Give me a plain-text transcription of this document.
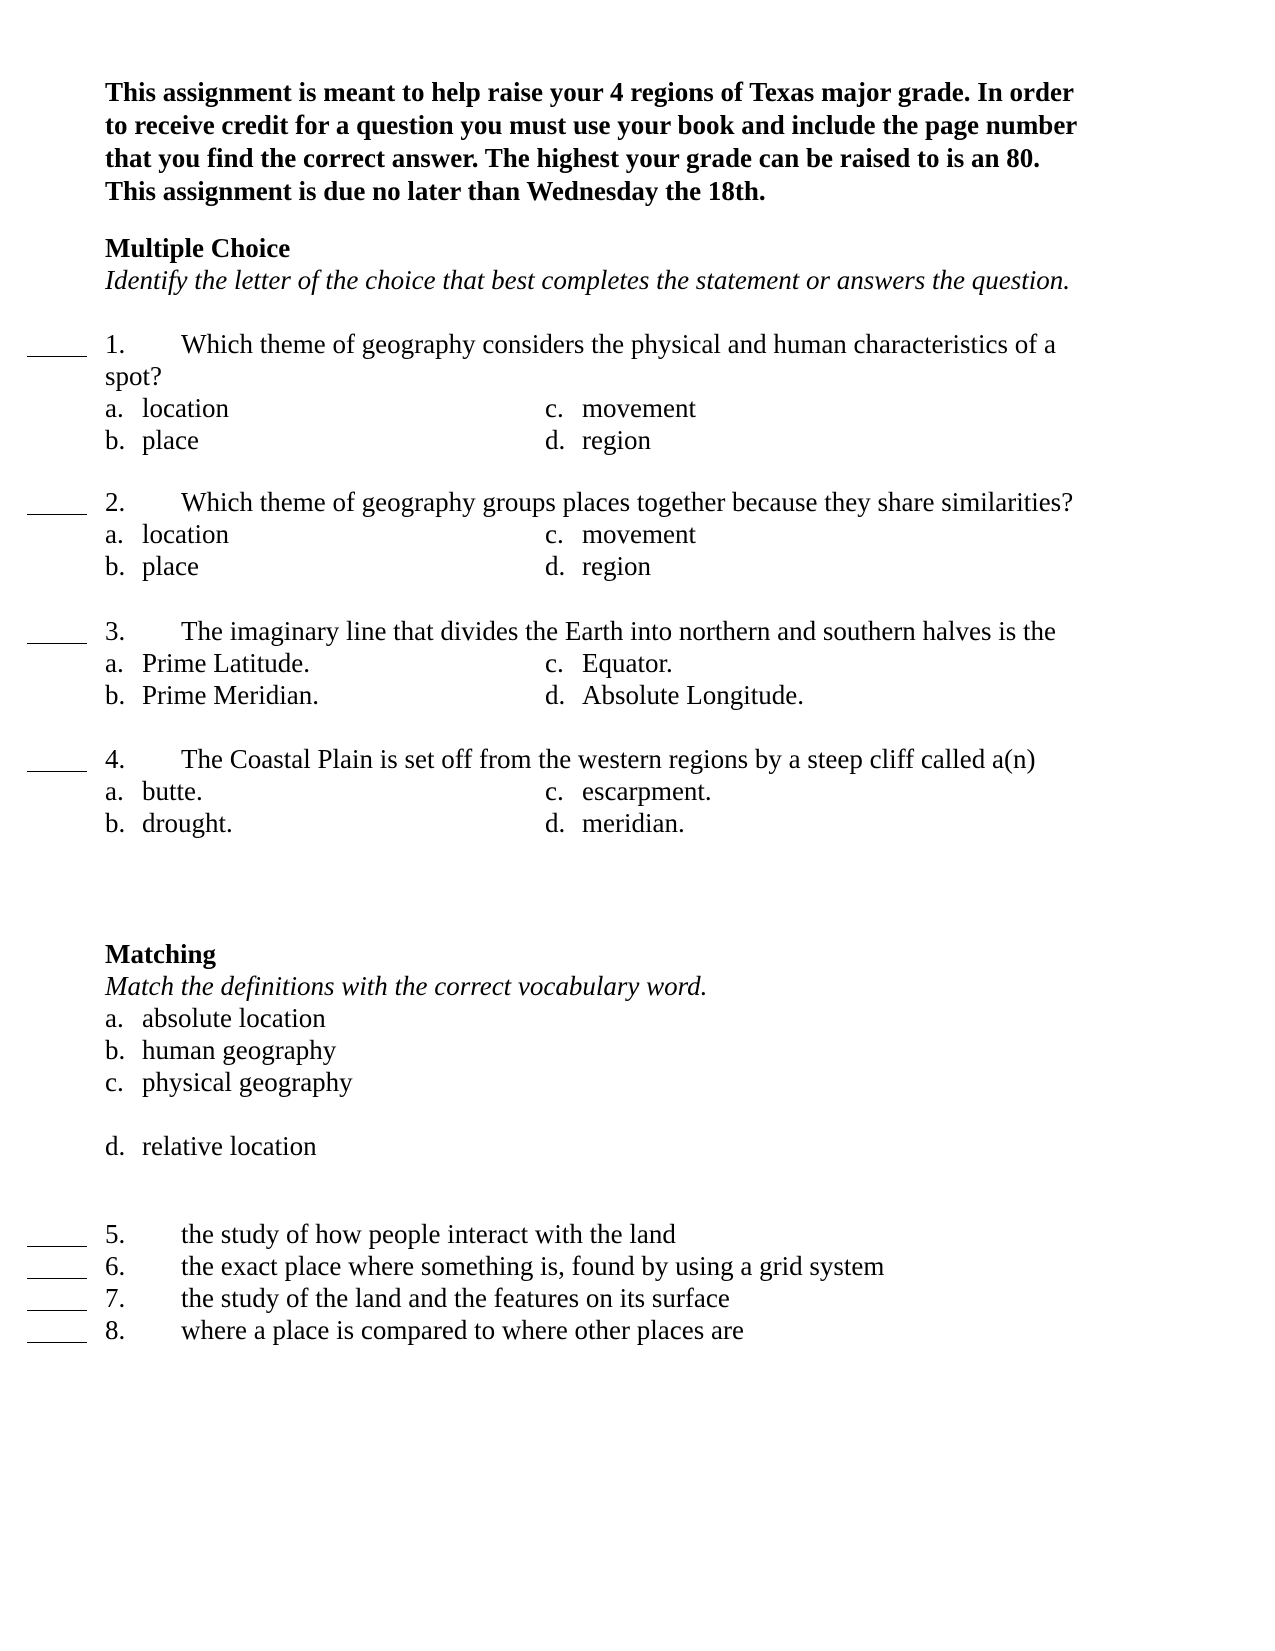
This assignment is meant to help raise your 4 regions of Texas major grade. In order

to receive credit for a question you must use your book and include the page number

that you find the correct answer. The highest your grade can be raised to is an 80.

This assignment is due no later than Wednesday the 18th.

Multiple Choice
Identify the letter of the choice that best completes the statement or answers the question.
1. Which theme of geography considers the physical and human characteristics of a
spot?
a. location
b. place
c. movement
d. region
2. Which theme of geography groups places together because they share similarities?
a. location
b. place
c. movement
d. region
3. The imaginary line that divides the Earth into northern and southern halves is the
a. Prime Latitude.
b. Prime Meridian.
c. Equator.
d. Absolute Longitude.
4. The Coastal Plain is set off from the western regions by a steep cliff called a(n)
a. butte.
b. drought.
c. escarpment.
d. meridian.
Matching
Match the definitions with the correct vocabulary word.
a. absolute location
b. human geography
c. physical geography
d. relative location
5. the study of how people interact with the land
6. the exact place where something is, found by using a grid system
7. the study of the land and the features on its surface
8. where a place is compared to where other places are
